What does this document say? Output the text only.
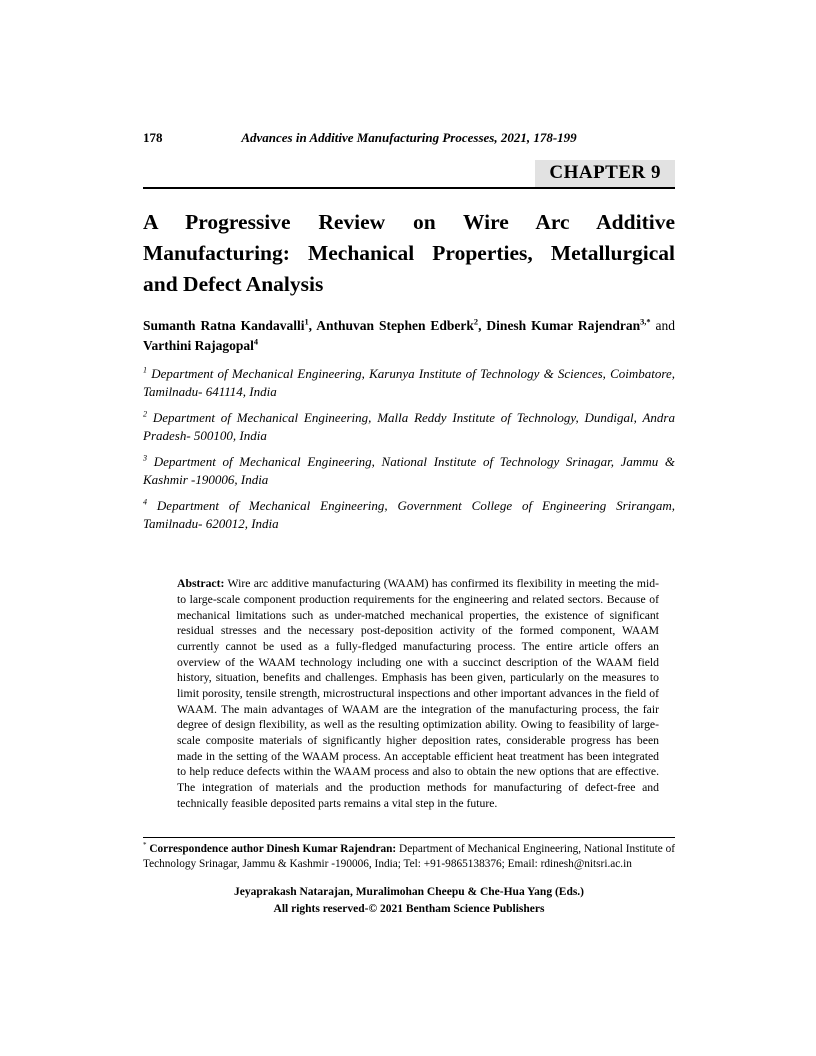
178	Advances in Additive Manufacturing Processes, 2021, 178-199
CHAPTER 9
A Progressive Review on Wire Arc Additive Manufacturing: Mechanical Properties, Metallurgical and Defect Analysis

Sumanth Ratna Kandavalli$^1$, Anthuvan Stephen Edberk$^2$, Dinesh Kumar Rajendran$^{3,*}$ and Varthini Rajagopal$^4$

$^1$ Department of Mechanical Engineering, Karunya Institute of Technology & Sciences, Coimbatore, Tamilnadu- 641114, India

$^2$ Department of Mechanical Engineering, Malla Reddy Institute of Technology, Dundigal, Andra Pradesh- 500100, India

$^3$ Department of Mechanical Engineering, National Institute of Technology Srinagar, Jammu & Kashmir -190006, India

$^4$ Department of Mechanical Engineering, Government College of Engineering Srirangam, Tamilnadu- 620012, India

Abstract: Wire arc additive manufacturing (WAAM) has confirmed its flexibility in meeting the mid- to large-scale component production requirements for the engineering and related sectors. Because of mechanical limitations such as under-matched mechanical properties, the existence of significant residual stresses and the necessary post-deposition activity of the formed component, WAAM currently cannot be used as a fully-fledged manufacturing process. The entire article offers an overview of the WAAM technology including one with a succinct description of the WAAM field history, situation, benefits and challenges. Emphasis has been given, particularly on the measures to limit porosity, tensile strength, microstructural inspections and other important advances in the field of WAAM. The main advantages of WAAM are the integration of the manufacturing process, the fair degree of design flexibility, as well as the resulting optimization ability. Owing to feasibility of large-scale composite materials of significantly higher deposition rates, considerable progress has been made in the setting of the WAAM process. An acceptable efficient heat treatment has been integrated to help reduce defects within the WAAM process and also to obtain the new options that are effective. The integration of materials and the production methods for manufacturing of defect-free and technically feasible deposited parts remains a vital step in the future.

* Correspondence author Dinesh Kumar Rajendran: Department of Mechanical Engineering, National Institute of Technology Srinagar, Jammu & Kashmir -190006, India; Tel: +91-9865138376; Email: rdinesh@nitsri.ac.in

Jeyaprakash Natarajan, Muralimohan Cheepu & Che-Hua Yang (Eds.)
All rights reserved-© 2021 Bentham Science Publishers
